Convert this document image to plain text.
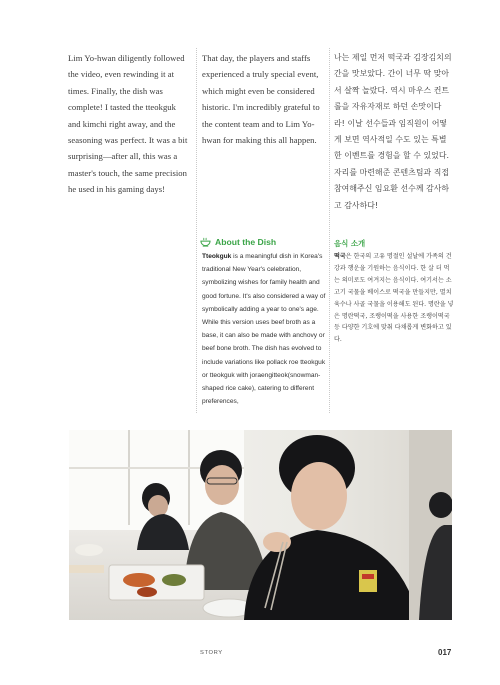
Lim Yo-hwan diligently followed the video, even rewinding it at times. Finally, the dish was complete! I tasted the tteokguk and kimchi right away, and the seasoning was perfect. It was a bit surprising—after all, this was a master's touch, the same precision he used in his gaming days!
That day, the players and staffs experienced a truly special event, which might even be considered historic. I'm incredibly grateful to the content team and to Lim Yo-hwan for making this all happen.
나는 제일 먼저 떡국과 김장김치의 간을 맛보았다. 간이 너무 딱 맞아서 살짝 놀랐다. 역시 마우스 컨트롤을 자유자재로 하던 손맛이다라! 이날 선수들과 임직원이 어떻게 보면 역사적일 수도 있는 특별한 이벤트를 경험을 할 수 있었다. 자리를 마련해준 콘텐츠팀과 직접 참여해주신 임요환 선수께 감사하고 감사하다!
About the Dish
Tteokguk is a meaningful dish in Korea's traditional New Year's celebration, symbolizing wishes for family health and good fortune. It's also considered a way of symbolically adding a year to one's age. While this version uses beef broth as a base, it can also be made with anchovy or beef bone broth. The dish has evolved to include variations like pollack roe tteokguk or tteokguk with joraengitteok(snowman-shaped rice cake), catering to different preferences,
음식 소개
떡국은 한국의 고유 명절인 설날에 가족의 건강과 행운을 기원하는 음식이다. 한 살 더 먹는 의미로도 여겨지는 음식이다. 여기서는 소고기 국물을 베이스로 떡국을 만들지만, 멸치 육수나 사골 국물을 이용해도 된다. 명란을 넣은 명란떡국, 조랭이떡을 사용한 조랭이떡국 등 다양한 기호에 맞춰 다채롭게 변화하고 있다.
STORY	017
